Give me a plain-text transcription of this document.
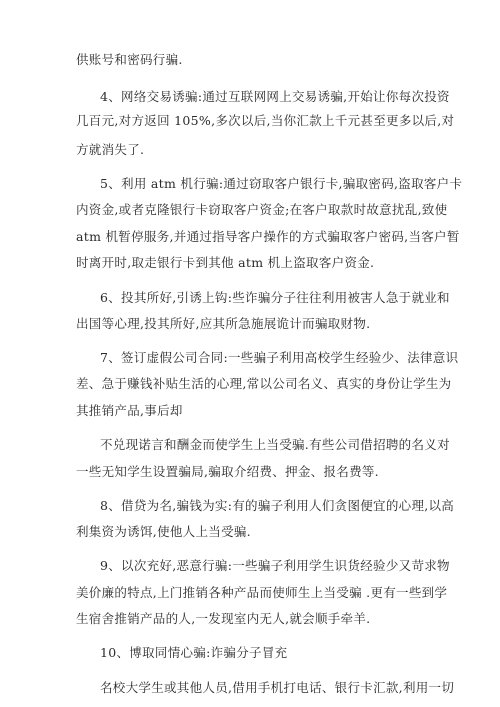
供账号和密码行骗.
4、网络交易诱骗:通过互联网网上交易诱骗,开始让你每次投资
几百元,对方返回 105%,多次以后,当你汇款上千元甚至更多以后,对
方就消失了.
5、利用 atm 机行骗:通过窃取客户银行卡,骗取密码,盗取客户卡
内资金,或者克隆银行卡窃取客户资金;在客户取款时故意扰乱,致使
atm 机暂停服务,并通过指导客户操作的方式骗取客户密码,当客户暂
时离开时,取走银行卡到其他 atm 机上盗取客户资金.
6、投其所好,引诱上钩:些诈骗分子往往利用被害人急于就业和
出国等心理,投其所好,应其所急施展诡计而骗取财物.
7、签订虚假公司合同:一些骗子利用高校学生经验少、法律意识
差、急于赚钱补贴生活的心理,常以公司名义、真实的身份让学生为
其推销产品,事后却
不兑现诺言和酬金而使学生上当受骗.有些公司借招聘的名义对
一些无知学生设置骗局,骗取介绍费、押金、报名费等.
8、借贷为名,骗钱为实:有的骗子利用人们贪图便宜的心理,以高
利集资为诱饵,使他人上当受骗.
9、以次充好,恶意行骗:一些骗子利用学生识货经验少又苛求物
美价廉的特点,上门推销各种产品而使师生上当受骗 .更有一些到学
生宿舍推销产品的人,一发现室内无人,就会顺手牵羊.
10、博取同情心骗:诈骗分子冒充
名校大学生或其他人员,借用手机打电话、银行卡汇款,利用一切
